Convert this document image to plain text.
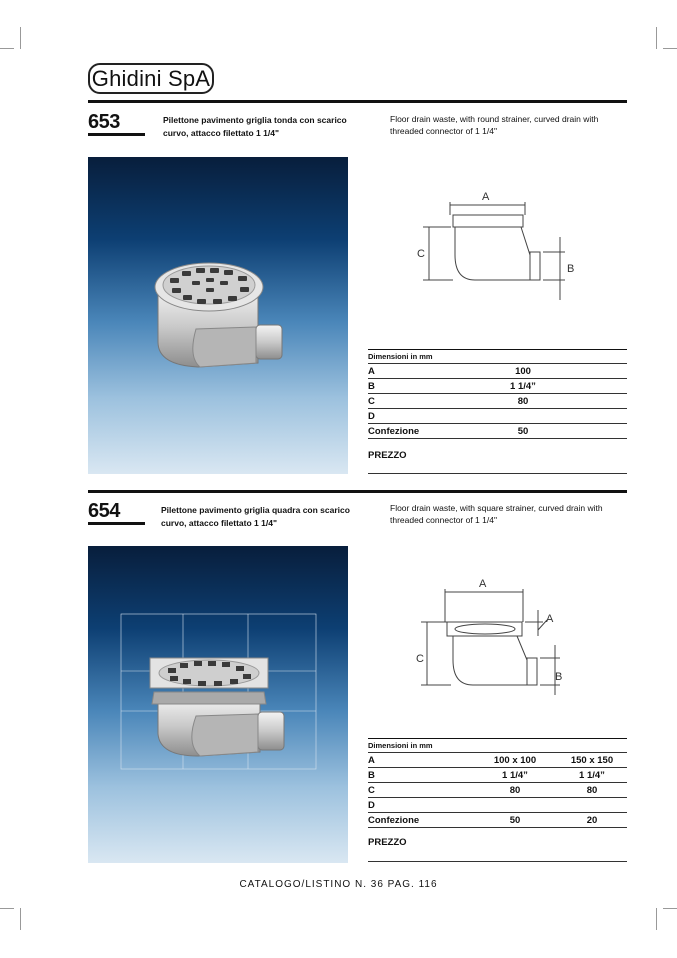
Ghidini SpA
653	Pilettone pavimento griglia tonda con scarico curvo, attacco filettato 1 1/4"
Floor drain waste, with round strainer, curved drain with threaded connector of 1 1/4"
A
C
B
Dimensioni in mm		
A	100	
B	1 1/4”	
C	80	
D		
Confezione	50	
PREZZO
654	Pilettone pavimento griglia quadra con scarico curvo, attacco filettato 1 1/4"
Floor drain waste, with square strainer, curved drain with threaded connector of 1 1/4"
A
A
C
B
Dimensioni in mm		
A	100 x 100	150 x 150
B	1 1/4”	1 1/4”
C	80	80
D		
Confezione	50	20
PREZZO
CATALOGO/LISTINO N. 36 PAG. 116
